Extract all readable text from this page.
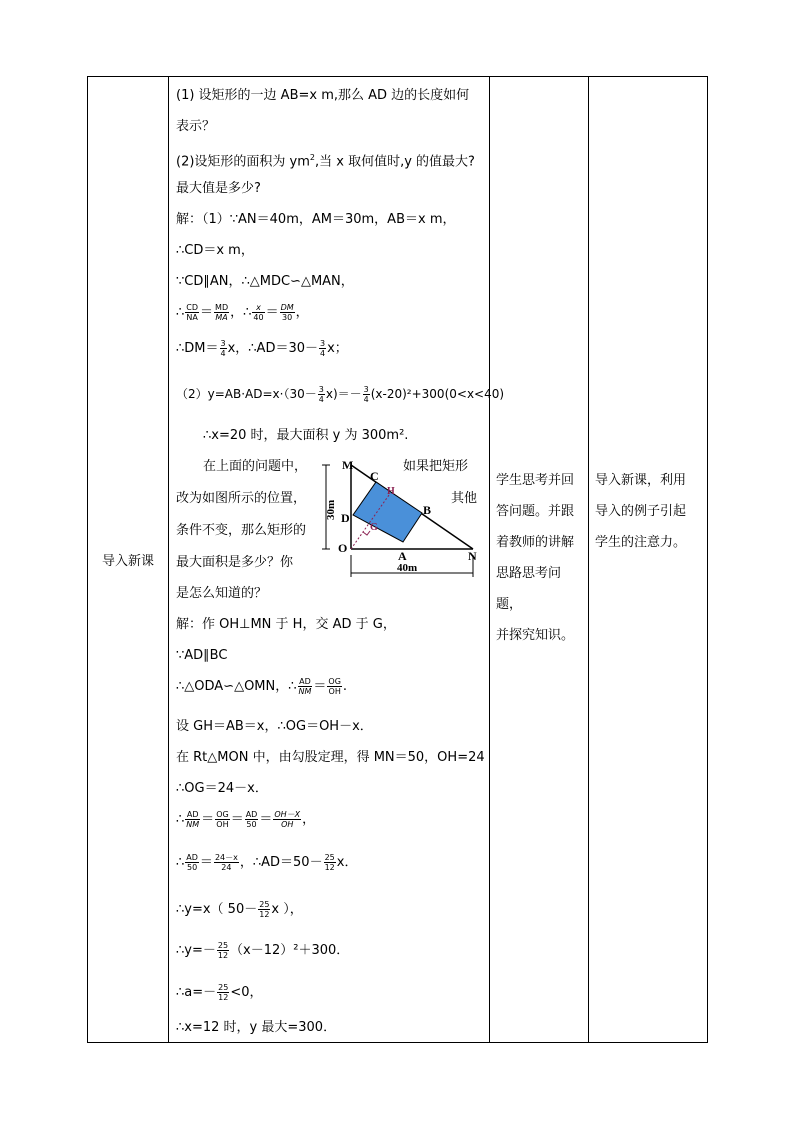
导入新课	
(1) 设矩形的一边 AB=x m,那么 AD 边的长度如何
表示？
(2)设矩形的面积为 $ym^2$,当 x 取何值时,y 的值最大?
最大值是多少?
解：（1）∵AN＝40m，AM＝30m，AB＝x m，
∴CD＝x m，
∵CD∥AN，∴△MDC∽△MAN，
∴ $\frac{CD}{NA} = \frac{MD}{MA}$ ，∴ $\frac{x}{40} = \frac{DM}{30}$ ，
∴DM＝ $\frac{3}{4}$ x，∴AD＝30－ $\frac{3}{4}$ x；
$(2)y=AB\cdot AD=x\cdot(30- \frac{3}{4} x)=- \frac{3}{4} (x-20)^2+300(0<x<40)$
∴x=20 时，最大面积 y 为 300m².
在上面的问题中，	如果把矩形
改为如图所示的位置，	其他
条件不变，那么矩形的
最大面积是多少？你
是怎么知道的？
解：作 OH⊥MN 于 H，交 AD 于 G，
∵AD∥BC
∴△ODA∽△OMN，∴ $\frac{AD}{NM} = \frac{OG}{OH}$ .
设 GH＝AB＝x，∴OG＝OH－x．
在 Rt△MON 中，由勾股定理，得 MN＝50，OH=24
∴OG＝24－x．
∴ $\frac{AD}{NM} = \frac{OG}{OH} = \frac{AD}{50} = \frac{OH-X}{OH}$ ，
∴ $\frac{AD}{50} = \frac{24-x}{24}$ ，∴AD＝50－ $\frac{25}{12}$ x．
∴y=x（ $50- \frac{25}{12}$ x ），
∴y=－ $\frac{25}{12} (x-12)^2+300$．
∴a=－ $\frac{25}{12} <0$，
∴x=12 时，y 最大=300．

学生思考并回
答问题。并跟
着教师的讲解
思路思考问题，
并探究知识。

导入新课，利用
导入的例子引起
学生的注意力。
M
C
H
B
D
G
O
A	N
30m
40m
